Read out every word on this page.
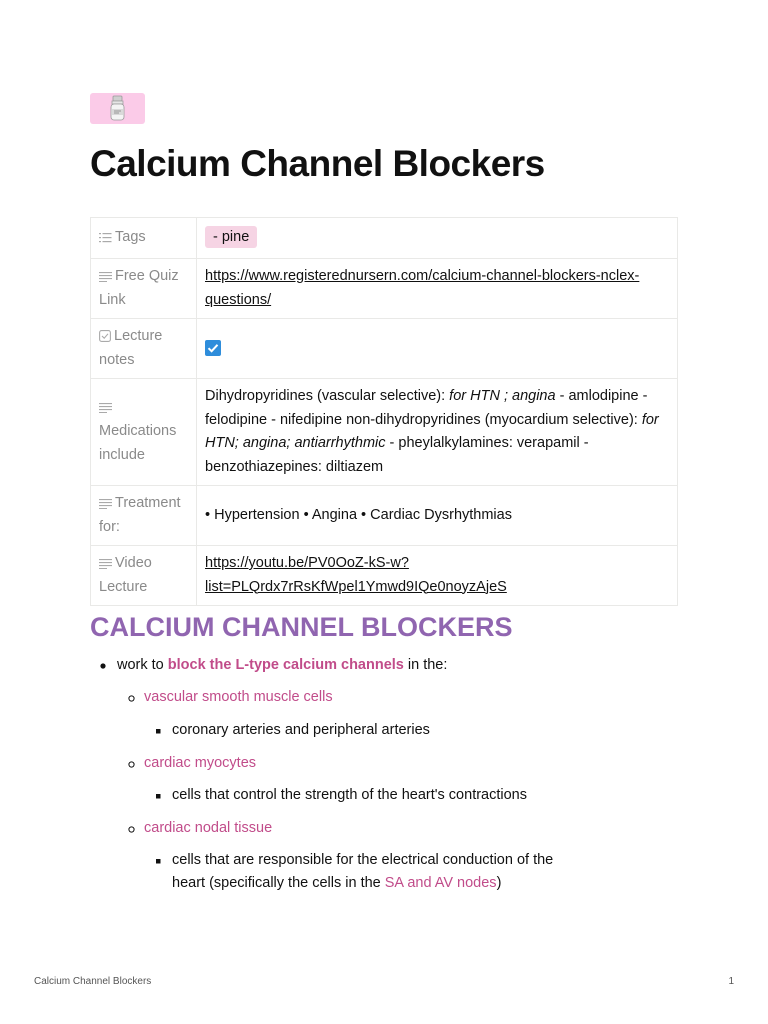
Calcium Channel Blockers
Tags	- pine
Free Quiz Link	https://www.registerednursern.com/calcium-channel-blockers-nclex-
questions/
Lecture notes	

Medications include	Dihydropyridines (vascular selective): for HTN ; angina - amlodipine - felodipine - nifedipine non-dihydropyridines (myocardium selective): for HTN; angina; antiarrhythmic - pheylalkylamines: verapamil - benzothiazepines: diltiazem
Treatment for:	• Hypertension • Angina • Cardiac Dysrhythmias
Video Lecture	https://youtu.be/PV0OoZ-kS-w?
list=PLQrdx7rRsKfWpel1Ymwd9IQe0noyzAjeS
CALCIUM CHANNEL BLOCKERS
work to block the L-type calcium channels in the:
vascular smooth muscle cells
coronary arteries and peripheral arteries
cardiac myocytes
cells that control the strength of the heart's contractions
cardiac nodal tissue
cells that are responsible for the electrical conduction of the
heart (specifically the cells in the SA and AV nodes)
Calcium Channel Blockers	1
